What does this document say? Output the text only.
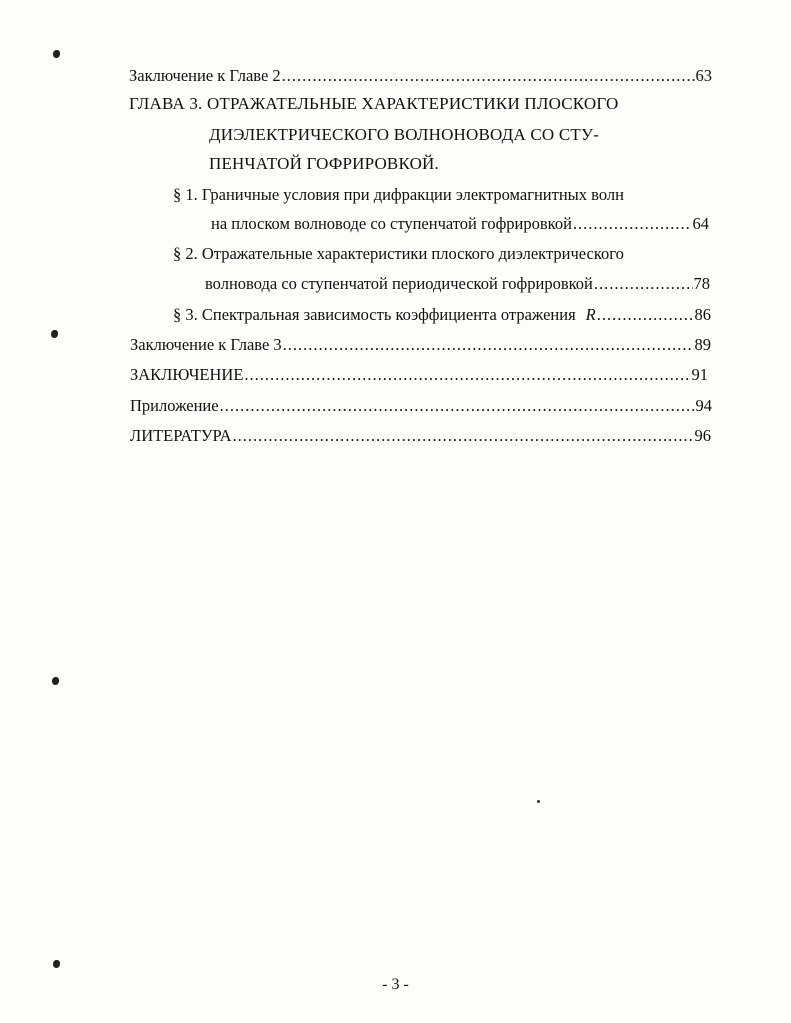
Заключение к Главе 2 .....	63
ГЛАВА 3. ОТРАЖАТЕЛЬНЫЕ ХАРАКТЕРИСТИКИ ПЛОСКОГО
ДИЭЛЕКТРИЧЕСКОГО ВОЛНОНОВОДА СО СТУ-
ПЕНЧАТОЙ ГОФРИРОВКОЙ.
§ 1. Граничные условия при дифракции электромагнитных волн
на плоском волноводе со ступенчатой гофрировкой .....	64
§ 2. Отражательные характеристики плоского диэлектрического
волновода со ступенчатой периодической гофрировкой .....	78
§ 3. Спектральная зависимость коэффициента отражения R .....	86
Заключение к Главе 3 .....	89
ЗАКЛЮЧЕНИЕ .....	91
Приложение .....	94
ЛИТЕРАТУРА .....	96
- 3 -
